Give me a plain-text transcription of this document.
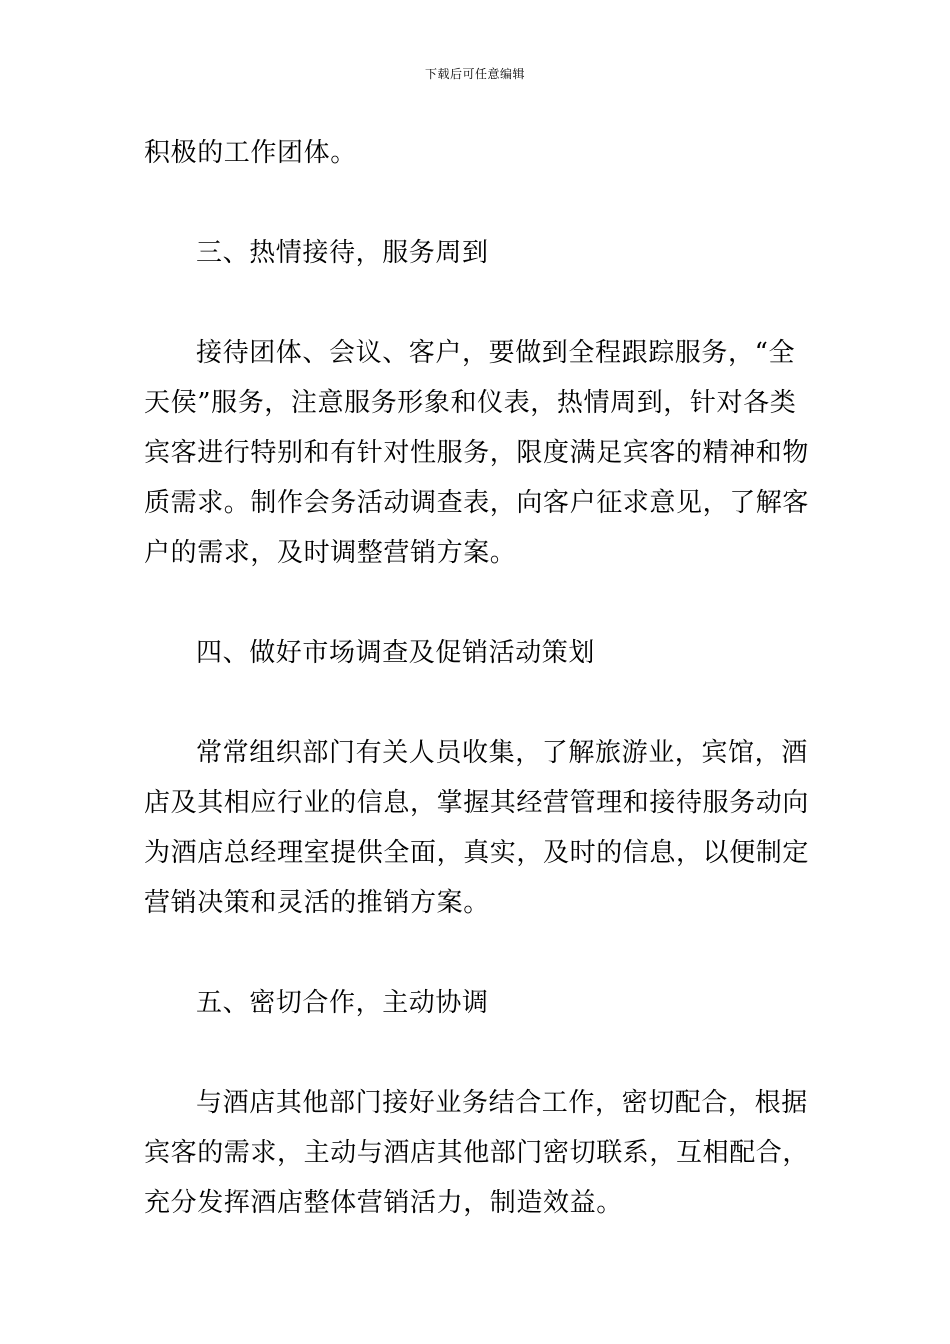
下载后可任意编辑
积极的工作团体。
三、热情接待，服务周到
接待团体、会议、客户，要做到全程跟踪服务，“全
天侯”服务，注意服务形象和仪表，热情周到，针对各类
宾客进行特别和有针对性服务，限度满足宾客的精神和物
质需求。制作会务活动调查表，向客户征求意见，了解客
户的需求，及时调整营销方案。
四、做好市场调查及促销活动策划
常常组织部门有关人员收集，了解旅游业，宾馆，酒
店及其相应行业的信息，掌握其经营管理和接待服务动向
为酒店总经理室提供全面，真实，及时的信息，以便制定
营销决策和灵活的推销方案。
五、密切合作，主动协调
与酒店其他部门接好业务结合工作，密切配合，根据
宾客的需求，主动与酒店其他部门密切联系，互相配合，
充分发挥酒店整体营销活力，制造效益。
